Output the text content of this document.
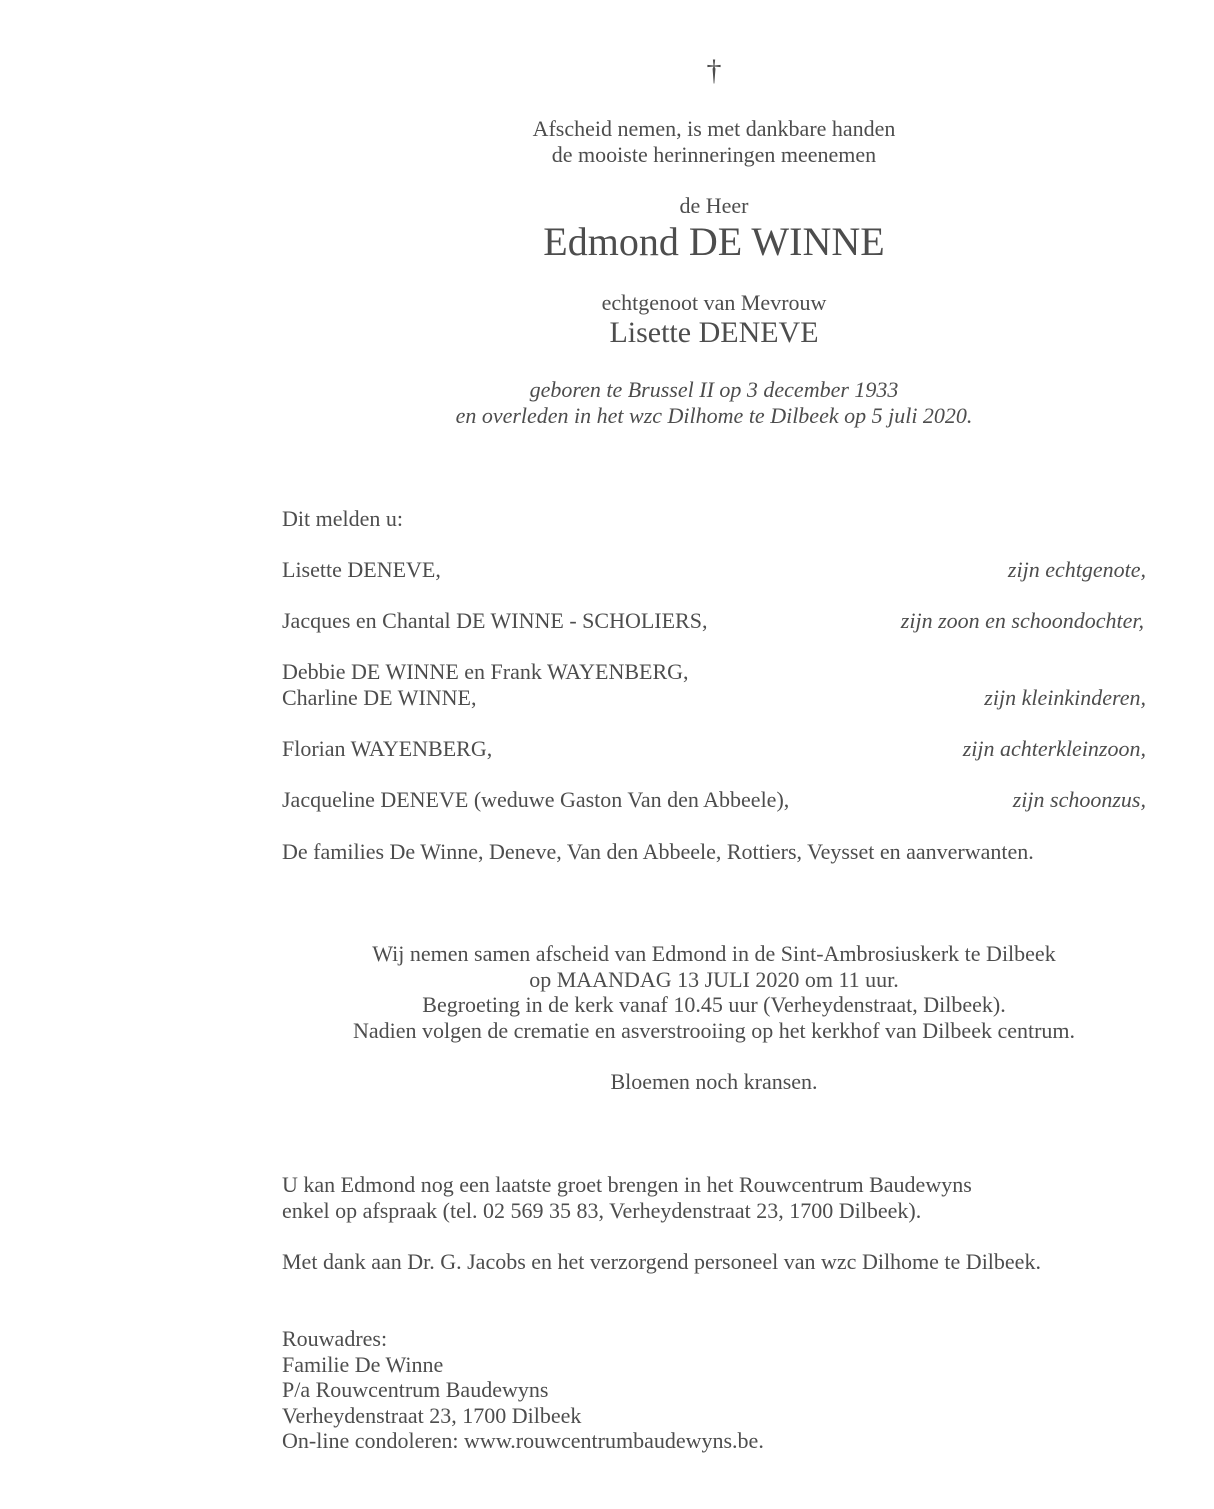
†
Afscheid nemen, is met dankbare handen
de mooiste herinneringen meenemen
de Heer
Edmond DE WINNE
echtgenoot van Mevrouw
Lisette DENEVE
geboren te Brussel II op 3 december 1933
en overleden in het wzc Dilhome te Dilbeek op 5 juli 2020.
Dit melden u:
Lisette DENEVE,	zijn echtgenote,
Jacques en Chantal DE WINNE - SCHOLIERS,	zijn zoon en schoondochter,
Debbie DE WINNE en Frank WAYENBERG,
Charline DE WINNE,	zijn kleinkinderen,
Florian WAYENBERG,	zijn achterkleinzoon,
Jacqueline DENEVE (weduwe Gaston Van den Abbeele),	zijn schoonzus,
De families De Winne, Deneve, Van den Abbeele, Rottiers, Veysset en aanverwanten.
Wij nemen samen afscheid van Edmond in de Sint-Ambrosiuskerk te Dilbeek
op MAANDAG 13 JULI 2020 om 11 uur.
Begroeting in de kerk vanaf 10.45 uur (Verheydenstraat, Dilbeek).
Nadien volgen de crematie en asverstrooiing op het kerkhof van Dilbeek centrum.
Bloemen noch kransen.
U kan Edmond nog een laatste groet brengen in het Rouwcentrum Baudewyns
enkel op afspraak (tel. 02 569 35 83, Verheydenstraat 23, 1700 Dilbeek).
Met dank aan Dr. G. Jacobs en het verzorgend personeel van wzc Dilhome te Dilbeek.
Rouwadres:
Familie De Winne
P/a Rouwcentrum Baudewyns
Verheydenstraat 23, 1700 Dilbeek
On-line condoleren: www.rouwcentrumbaudewyns.be.
